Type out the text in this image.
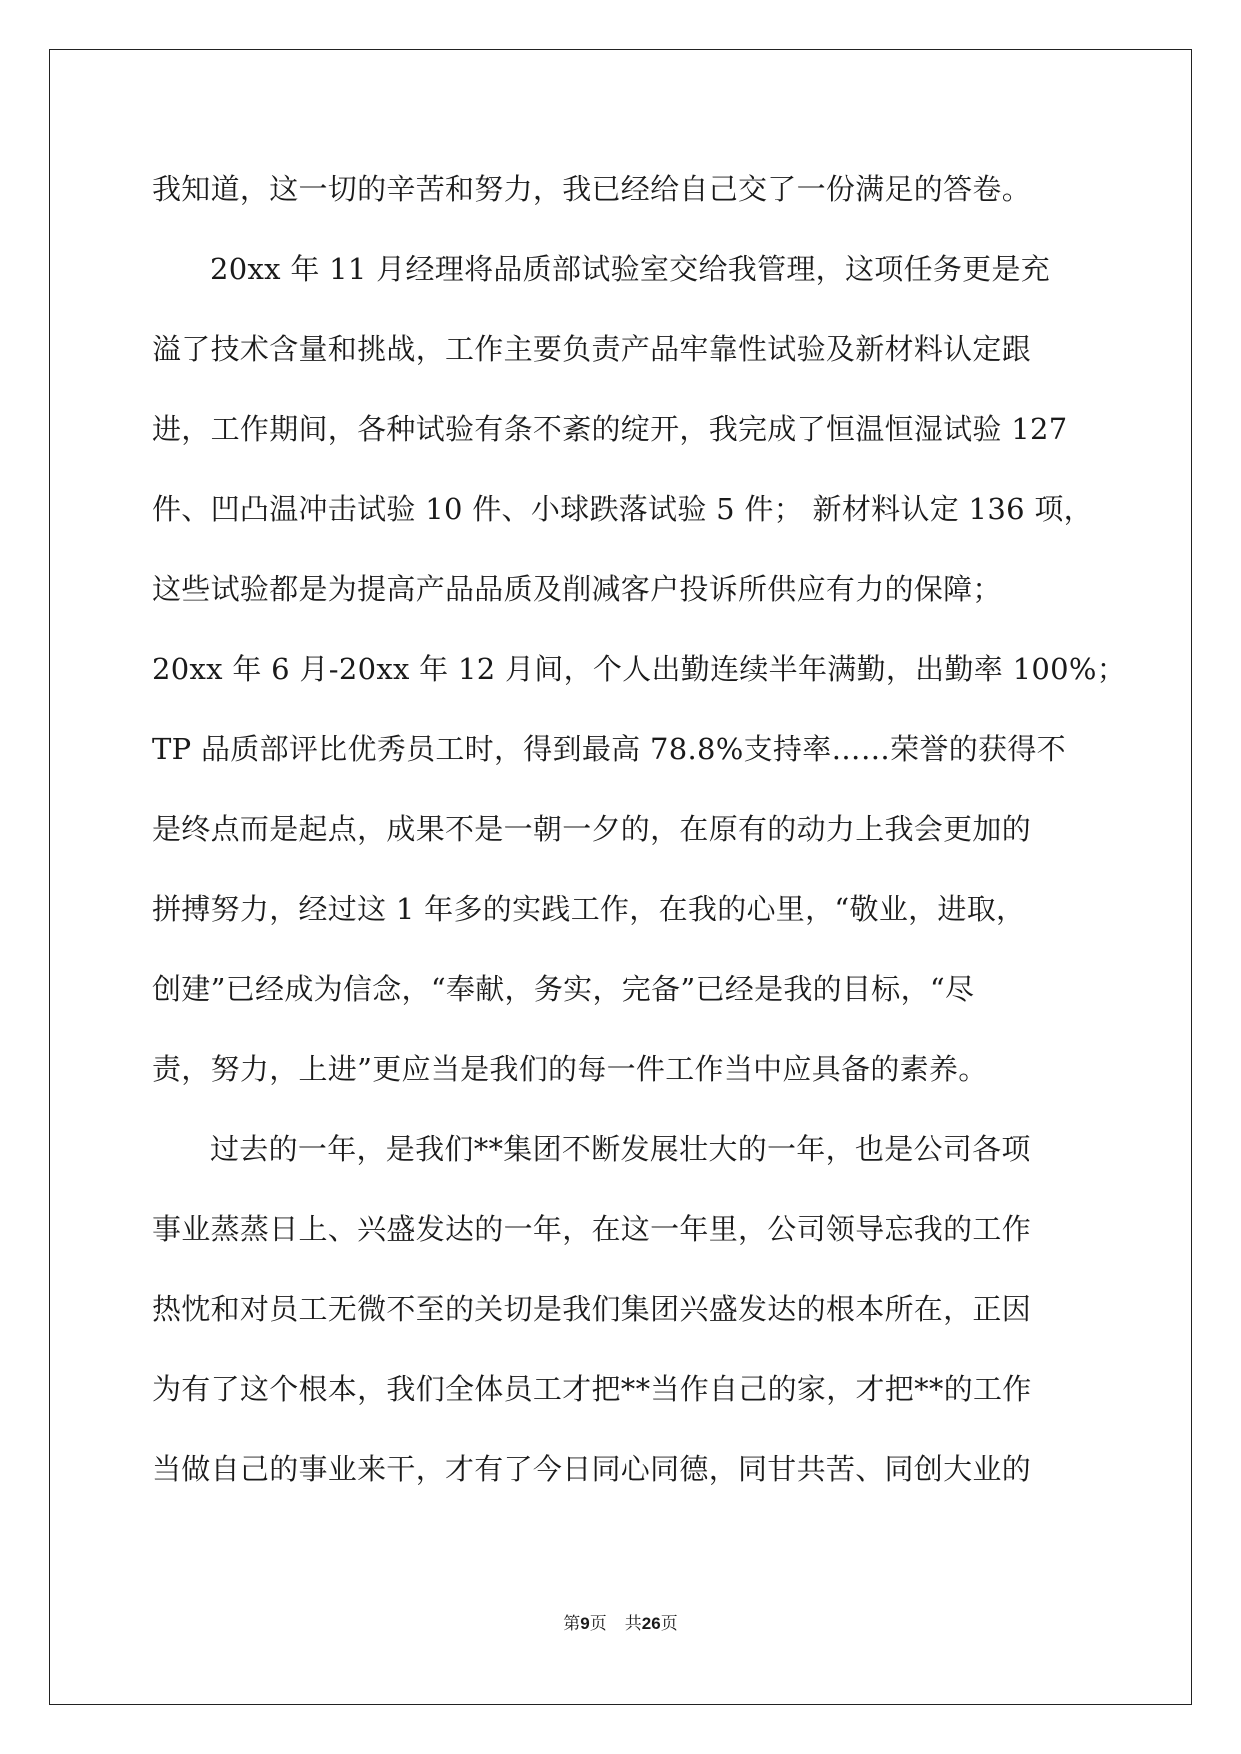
我知道，这一切的辛苦和努力，我已经给自己交了一份满足的答卷。
20xx 年 11 月经理将品质部试验室交给我管理，这项任务更是充
溢了技术含量和挑战，工作主要负责产品牢靠性试验及新材料认定跟
进，工作期间，各种试验有条不紊的绽开，我完成了恒温恒湿试验 127
件、凹凸温冲击试验 10 件、小球跌落试验 5 件； 新材料认定 136 项，
这些试验都是为提高产品品质及削减客户投诉所供应有力的保障；
20xx 年 6 月-20xx 年 12 月间，个人出勤连续半年满勤，出勤率 100%；
TP 品质部评比优秀员工时，得到最高 78.8%支持率……荣誉的获得不
是终点而是起点，成果不是一朝一夕的，在原有的动力上我会更加的
拼搏努力，经过这 1 年多的实践工作，在我的心里，“敬业，进取，
创建”已经成为信念，“奉献，务实，完备”已经是我的目标，“尽
责，努力，上进”更应当是我们的每一件工作当中应具备的素养。
过去的一年，是我们**集团不断发展壮大的一年，也是公司各项
事业蒸蒸日上、兴盛发达的一年，在这一年里，公司领导忘我的工作
热忱和对员工无微不至的关切是我们集团兴盛发达的根本所在，正因
为有了这个根本，我们全体员工才把**当作自己的家，才把**的工作
当做自己的事业来干，才有了今日同心同德，同甘共苦、同创大业的
第9页 共26页
